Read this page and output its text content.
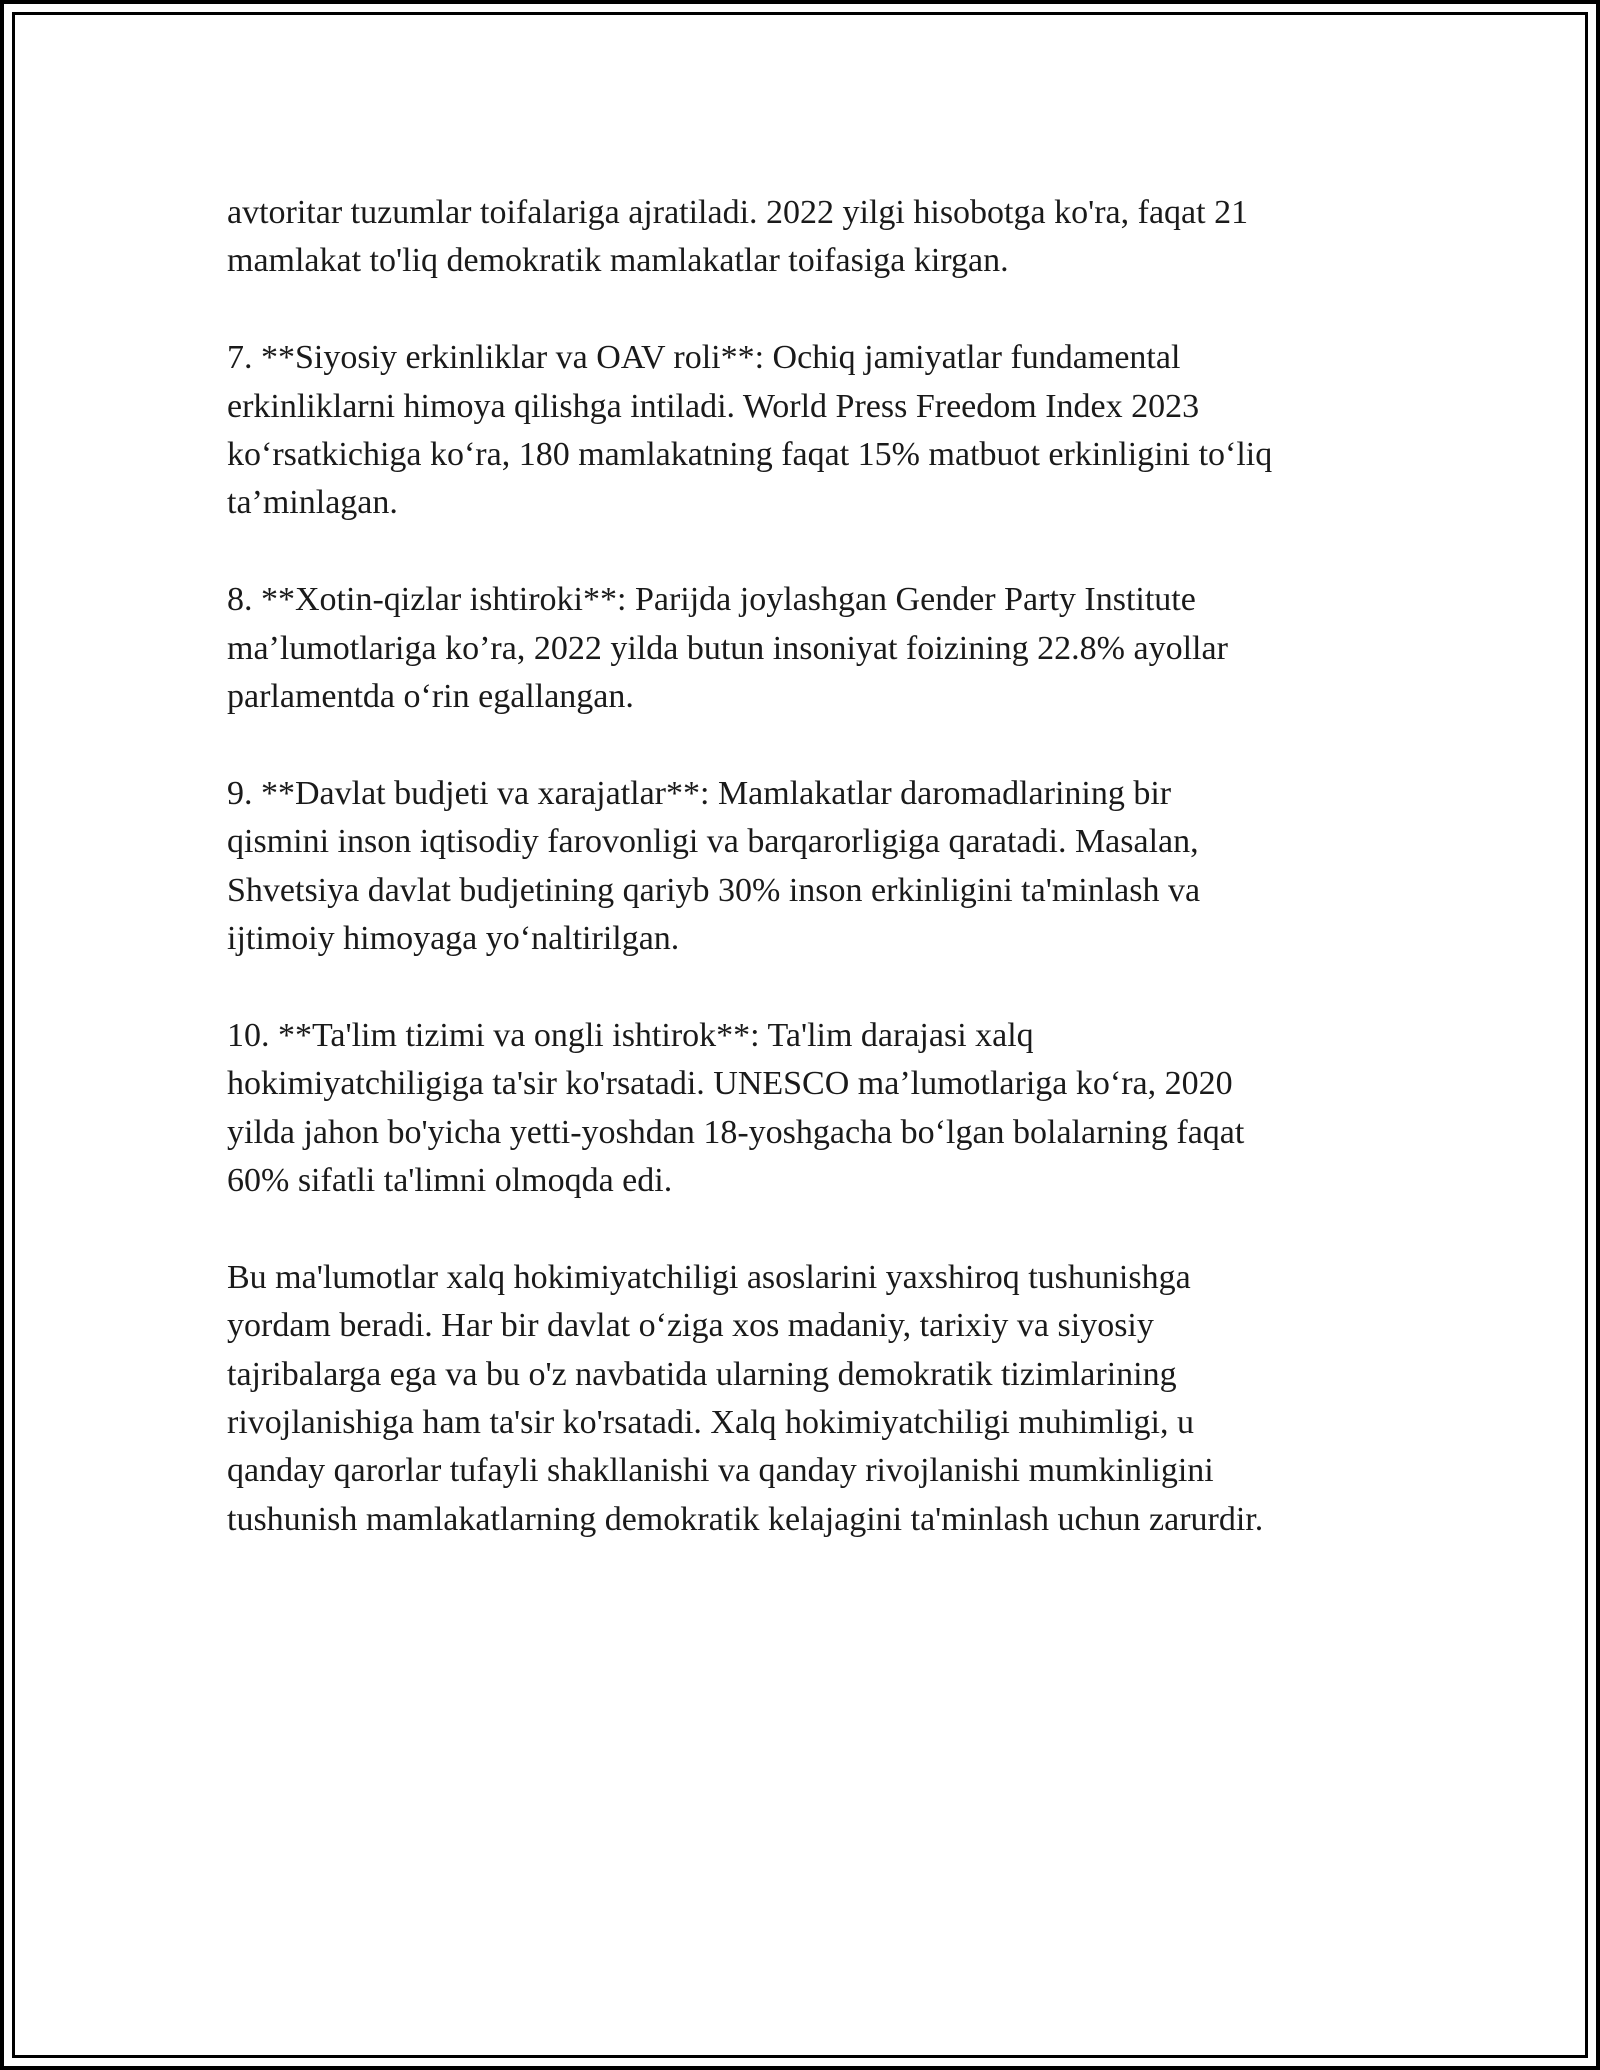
avtoritar tuzumlar toifalariga ajratiladi. 2022 yilgi hisobotga ko'ra, faqat 21
mamlakat to'liq demokratik mamlakatlar toifasiga kirgan.

7. **Siyosiy erkinliklar va OAV roli**: Ochiq jamiyatlar fundamental
erkinliklarni himoya qilishga intiladi. World Press Freedom Index 2023
ko‘rsatkichiga ko‘ra, 180 mamlakatning faqat 15% matbuot erkinligini to‘liq
ta’minlagan.

8. **Xotin-qizlar ishtiroki**: Parijda joylashgan Gender Party Institute
ma’lumotlariga ko’ra, 2022 yilda butun insoniyat foizining 22.8% ayollar
parlamentda o‘rin egallangan.

9. **Davlat budjeti va xarajatlar**: Mamlakatlar daromadlarining bir
qismini inson iqtisodiy farovonligi va barqarorligiga qaratadi. Masalan,
Shvetsiya davlat budjetining qariyb 30% inson erkinligini ta'minlash va
ijtimoiy himoyaga yo‘naltirilgan.

10. **Ta'lim tizimi va ongli ishtirok**: Ta'lim darajasi xalq
hokimiyatchiligiga ta'sir ko'rsatadi. UNESCO ma’lumotlariga ko‘ra, 2020
yilda jahon bo'yicha yetti-yoshdan 18-yoshgacha bo‘lgan bolalarning faqat
60% sifatli ta'limni olmoqda edi.

Bu ma'lumotlar xalq hokimiyatchiligi asoslarini yaxshiroq tushunishga
yordam beradi. Har bir davlat o‘ziga xos madaniy, tarixiy va siyosiy
tajribalarga ega va bu o'z navbatida ularning demokratik tizimlarining
rivojlanishiga ham ta'sir ko'rsatadi. Xalq hokimiyatchiligi muhimligi, u
qanday qarorlar tufayli shakllanishi va qanday rivojlanishi mumkinligini
tushunish mamlakatlarning demokratik kelajagini ta'minlash uchun zarurdir.
